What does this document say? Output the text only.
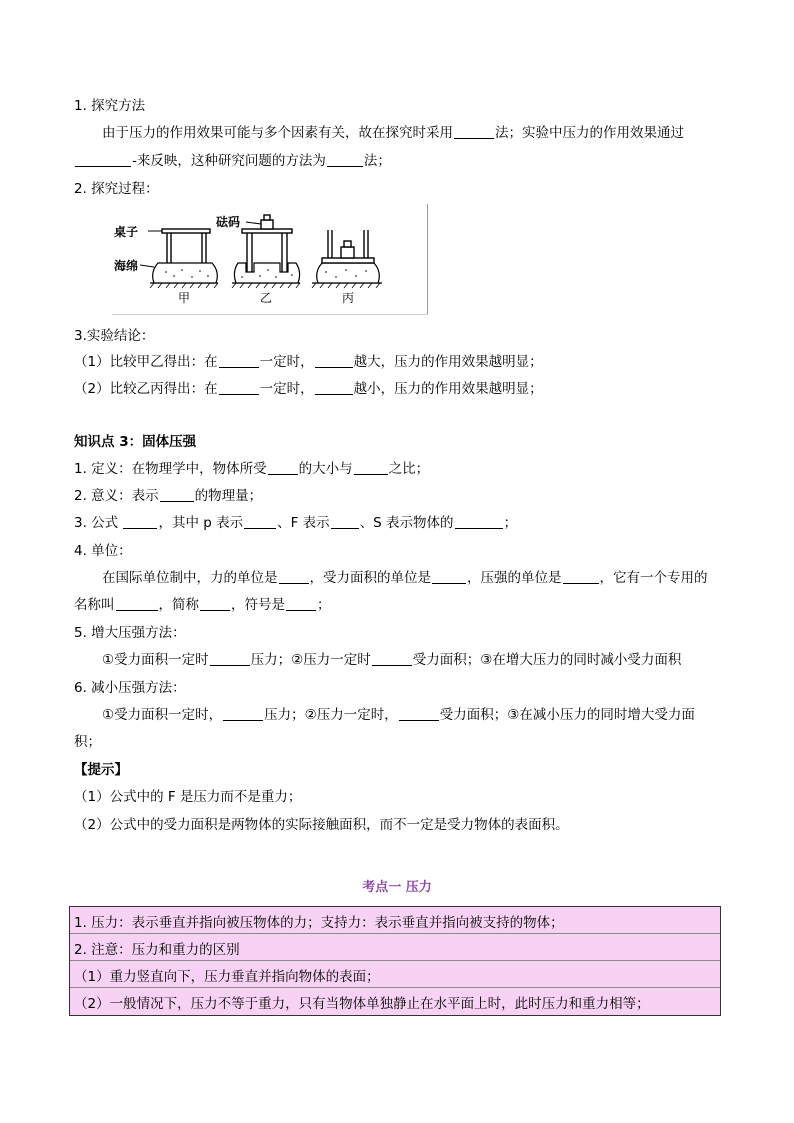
1. 探究方法
由于压力的作用效果可能与多个因素有关，故在探究时采用	法；实验中压力的作用效果通过
-来反映，这种研究问题的方法为	法；
2. 探究过程：
桌子
砝码
海绵
甲	乙	丙
3.实验结论：
（1）比较甲乙得出：在	一定时，	越大，压力的作用效果越明显；
（2）比较乙丙得出：在	一定时，	越小，压力的作用效果越明显；
知识点 3：固体压强
1. 定义：在物理学中，物体所受 的大小与	之比；
2. 意义：表示	的物理量；
3. 公式	，其中 p 表示	、F 表示 、S 表示物体的	；
4. 单位：
在国际单位制中，力的单位是 ，受力面积的单位是	，压强的单位是	，它有一个专用的
名称叫	，简称 ，符号是 ；
5. 增大压强方法：
①受力面积一定时	压力；②压力一定时	受力面积；③在增大压力的同时减小受力面积
6. 减小压强方法：
①受力面积一定时，	压力；②压力一定时，	受力面积；③在减小压力的同时增大受力面
积；
【提示】
（1）公式中的 F 是压力而不是重力；
（2）公式中的受力面积是两物体的实际接触面积，而不一定是受力物体的表面积。
考点一 压力
1. 压力：表示垂直并指向被压物体的力；支持力：表示垂直并指向被支持的物体；
2. 注意：压力和重力的区别
（1）重力竖直向下，压力垂直并指向物体的表面；
（2）一般情况下，压力不等于重力，只有当物体单独静止在水平面上时，此时压力和重力相等；
